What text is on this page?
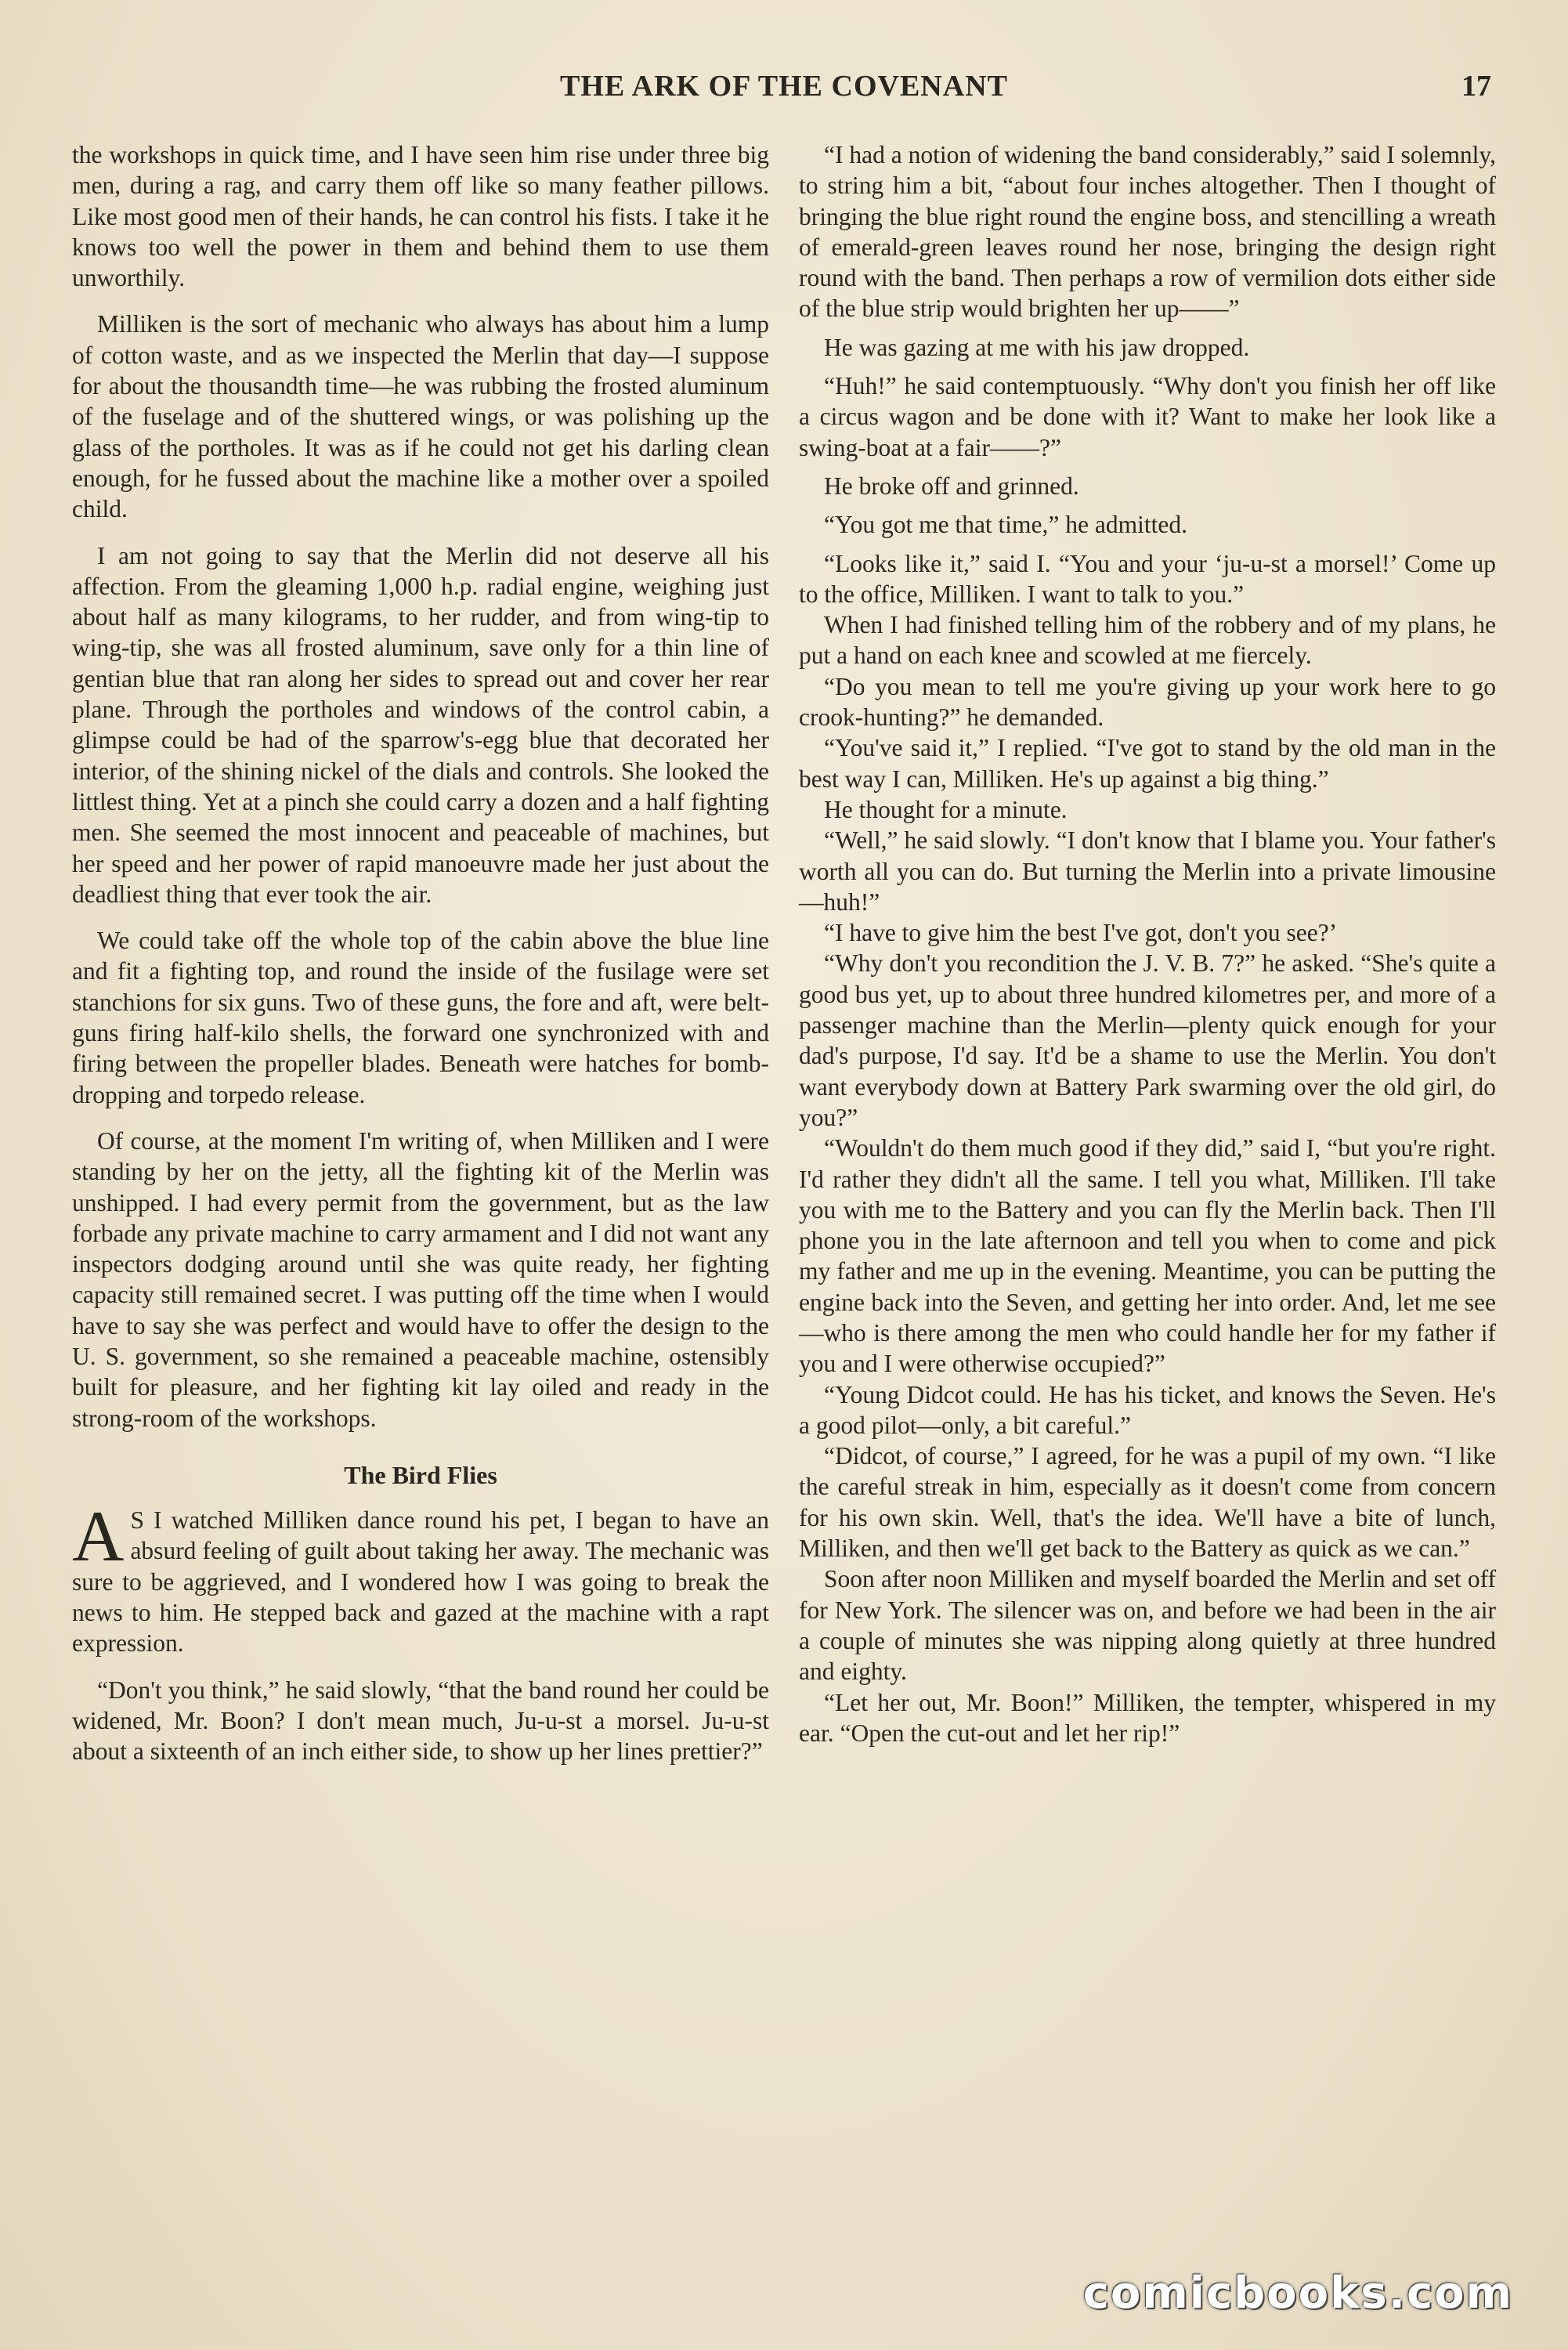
THE ARK OF THE COVENANT	17

the workshops in quick time, and I have seen him rise under three big men, during a rag, and carry them off like so many feather pillows. Like most good men of their hands, he can control his fists. I take it he knows too well the power in them and behind them to use them unworthily.

Milliken is the sort of mechanic who always has about him a lump of cotton waste, and as we inspected the Merlin that day—I suppose for about the thousandth time—he was rubbing the frosted aluminum of the fuselage and of the shuttered wings, or was polishing up the glass of the portholes. It was as if he could not get his darling clean enough, for he fussed about the machine like a mother over a spoiled child.

I am not going to say that the Merlin did not deserve all his affection. From the gleaming 1,000 h.p. radial engine, weighing just about half as many kilograms, to her rudder, and from wing-tip to wing-tip, she was all frosted aluminum, save only for a thin line of gentian blue that ran along her sides to spread out and cover her rear plane. Through the portholes and windows of the control cabin, a glimpse could be had of the sparrow's-egg blue that decorated her interior, of the shining nickel of the dials and controls. She looked the littlest thing. Yet at a pinch she could carry a dozen and a half fighting men. She seemed the most innocent and peaceable of machines, but her speed and her power of rapid manoeuvre made her just about the deadliest thing that ever took the air.

We could take off the whole top of the cabin above the blue line and fit a fighting top, and round the inside of the fusilage were set stanchions for six guns. Two of these guns, the fore and aft, were belt-guns firing half-kilo shells, the forward one synchronized with and firing between the propeller blades. Beneath were hatches for bomb-dropping and torpedo release.

Of course, at the moment I'm writing of, when Milliken and I were standing by her on the jetty, all the fighting kit of the Merlin was unshipped. I had every permit from the government, but as the law forbade any private machine to carry armament and I did not want any inspectors dodging around until she was quite ready, her fighting capacity still remained secret. I was putting off the time when I would have to say she was perfect and would have to offer the design to the U. S. government, so she remained a peaceable machine, ostensibly built for pleasure, and her fighting kit lay oiled and ready in the strong-room of the workshops.

The Bird Flies

A S I watched Milliken dance round his pet, I began to have an absurd feeling of guilt about taking her away. The mechanic was sure to be aggrieved, and I wondered how I was going to break the news to him. He stepped back and gazed at the machine with a rapt expression.

“Don't you think,” he said slowly, “that the band round her could be widened, Mr. Boon? I don't mean much, Ju-u-st a morsel. Ju-u-st about a sixteenth of an inch either side, to show up her lines prettier?”

“I had a notion of widening the band considerably,” said I solemnly, to string him a bit, “about four inches altogether. Then I thought of bringing the blue right round the engine boss, and stencilling a wreath of emerald-green leaves round her nose, bringing the design right round with the band. Then perhaps a row of vermilion dots either side of the blue strip would brighten her up——”

He was gazing at me with his jaw dropped.

“Huh!” he said contemptuously. “Why don't you finish her off like a circus wagon and be done with it? Want to make her look like a swing-boat at a fair——?”

He broke off and grinned.

“You got me that time,” he admitted.

“Looks like it,” said I. “You and your ‘ju-u-st a morsel!’ Come up to the office, Milliken. I want to talk to you.”

When I had finished telling him of the robbery and of my plans, he put a hand on each knee and scowled at me fiercely.

“Do you mean to tell me you're giving up your work here to go crook-hunting?” he demanded.

“You've said it,” I replied. “I've got to stand by the old man in the best way I can, Milliken. He's up against a big thing.”

He thought for a minute.

“Well,” he said slowly. “I don't know that I blame you. Your father's worth all you can do. But turning the Merlin into a private limousine—huh!”

“I have to give him the best I've got, don't you see?’

“Why don't you recondition the J. V. B. 7?” he asked. “She's quite a good bus yet, up to about three hundred kilometres per, and more of a passenger machine than the Merlin—plenty quick enough for your dad's purpose, I'd say. It'd be a shame to use the Merlin. You don't want everybody down at Battery Park swarming over the old girl, do you?”

“Wouldn't do them much good if they did,” said I, “but you're right. I'd rather they didn't all the same. I tell you what, Milliken. I'll take you with me to the Battery and you can fly the Merlin back. Then I'll phone you in the late afternoon and tell you when to come and pick my father and me up in the evening. Meantime, you can be putting the engine back into the Seven, and getting her into order. And, let me see—who is there among the men who could handle her for my father if you and I were otherwise occupied?”

“Young Didcot could. He has his ticket, and knows the Seven. He's a good pilot—only, a bit careful.”

“Didcot, of course,” I agreed, for he was a pupil of my own. “I like the careful streak in him, especially as it doesn't come from concern for his own skin. Well, that's the idea. We'll have a bite of lunch, Milliken, and then we'll get back to the Battery as quick as we can.”

Soon after noon Milliken and myself boarded the Merlin and set off for New York. The silencer was on, and before we had been in the air a couple of minutes she was nipping along quietly at three hundred and eighty.

“Let her out, Mr. Boon!” Milliken, the tempter, whispered in my ear. “Open the cut-out and let her rip!”

comicbooks.com
